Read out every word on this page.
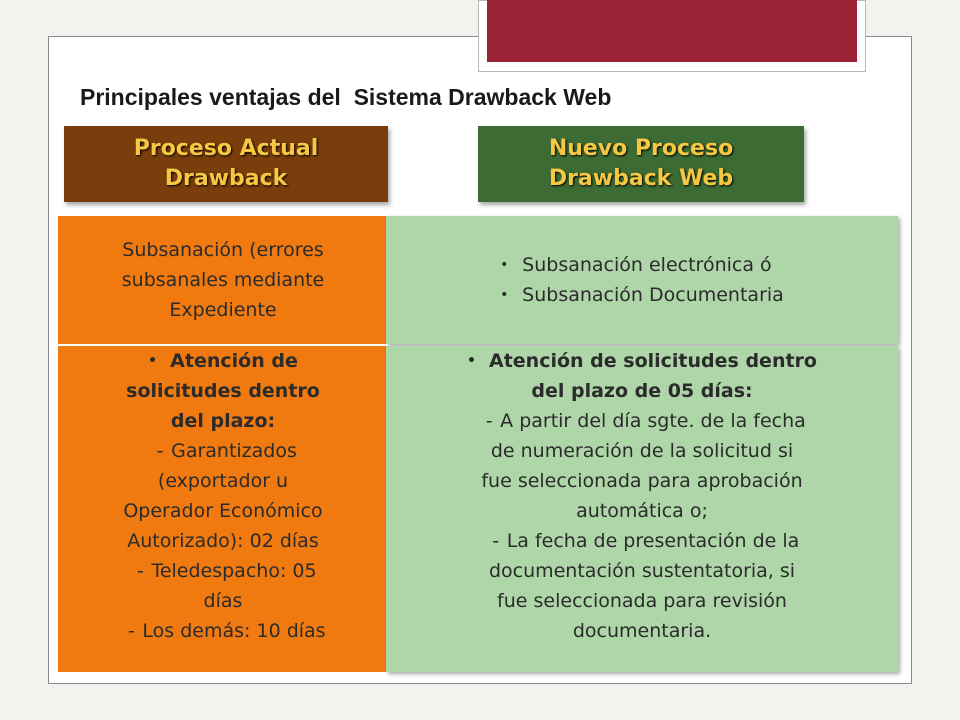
Principales ventajas del  Sistema Drawback Web
Proceso Actual
Drawback
Nuevo Proceso
Drawback Web
Subsanación (errores
subsanales mediante
Expediente
• Subsanación electrónica ó
• Subsanación Documentaria
• Atención de
solicitudes dentro
del plazo:
- Garantizados
(exportador u
Operador Económico
Autorizado): 02 días
- Teledespacho: 05
días
- Los demás: 10 días
• Atención de solicitudes dentro
del plazo de 05 días:
- A partir del día sgte. de la fecha
de numeración de la solicitud si
fue seleccionada para aprobación
automática o;
- La fecha de presentación de la
documentación sustentatoria, si
fue seleccionada para revisión
documentaria.
